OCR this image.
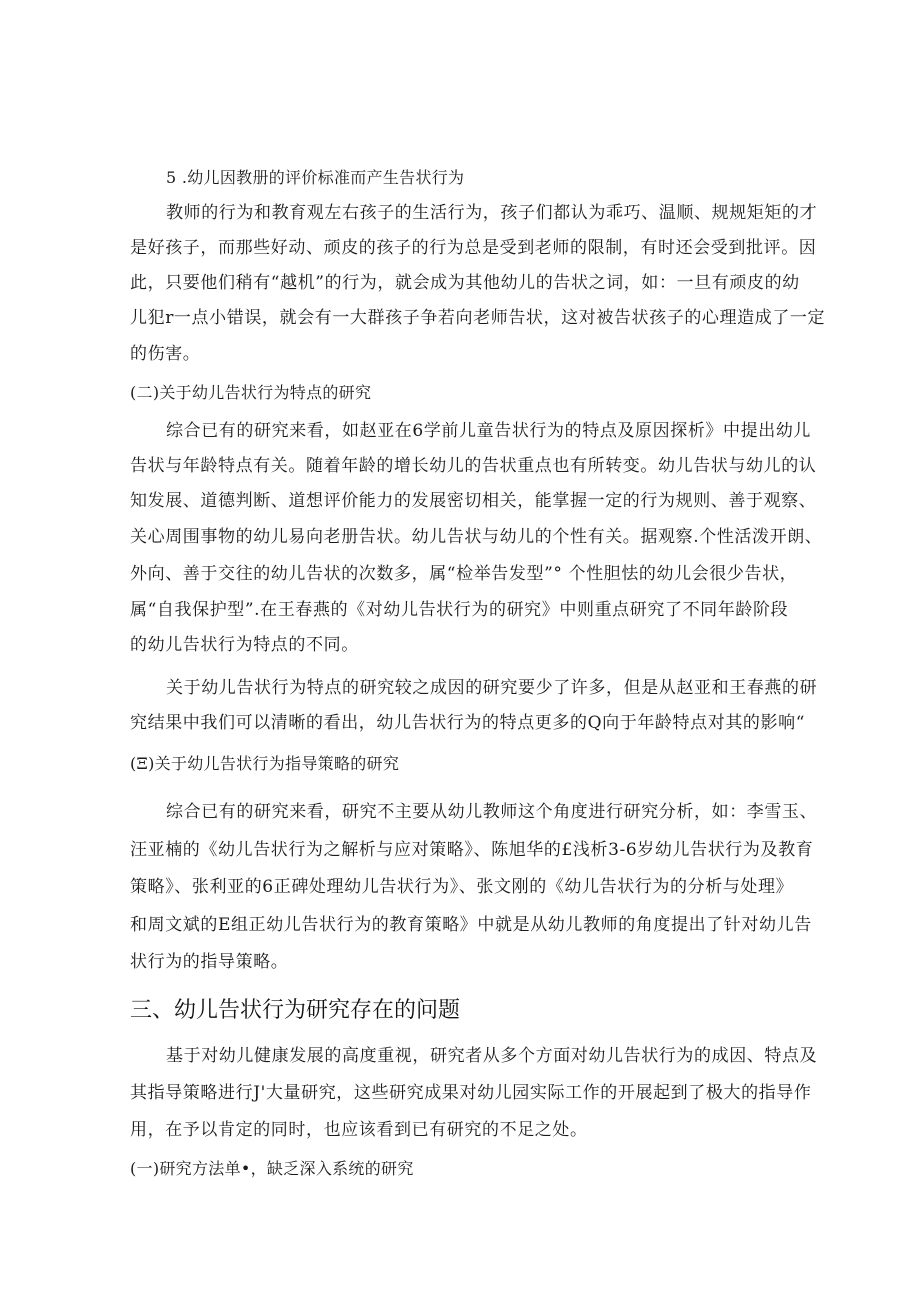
5 .幼儿因教册的评价标准而产生告状行为
教师的行为和教育观左右孩子的生活行为，孩子们都认为乖巧、温顺、规规矩矩的才
是好孩子，而那些好动、顽皮的孩子的行为总是受到老师的限制，有时还会受到批评。因
此，只要他们稍有“越机”的行为，就会成为其他幼儿的告状之词，如：一旦有顽皮的幼
儿犯r一点小错误，就会有一大群孩子争若向老师告状，这对被告状孩子的心理造成了一定
的伤害。
(二)关于幼儿告状行为特点的研究
综合已有的研究来看，如赵亚在6学前儿童告状行为的特点及原因探析》中提出幼儿
告状与年龄特点有关。随着年龄的增长幼儿的告状重点也有所转变。幼儿告状与幼儿的认
知发展、道德判断、道想评价能力的发展密切相关，能掌握一定的行为规则、善于观察、
关心周围事物的幼儿易向老册告状。幼儿告状与幼儿的个性有关。据观察.个性活泼开朗、
外向、善于交往的幼儿告状的次数多，属“检举告发型”° 个性胆怯的幼儿会很少告状，
属“自我保护型”.在王春燕的《对幼儿告状行为的研究》中则重点研究了不同年龄阶段
的幼儿告状行为特点的不同。
关于幼儿告状行为特点的研究较之成因的研究要少了许多，但是从赵亚和王春燕的研
究结果中我们可以清晰的看出，幼儿告状行为的特点更多的Q向于年龄特点对其的影响“
(Ξ)关于幼儿告状行为指导策略的研究
综合已有的研究来看，研究不主要从幼儿教师这个角度进行研究分析，如：李雪玉、
汪亚楠的《幼儿告状行为之解析与应对策略》、陈旭华的£浅析3-6岁幼儿告状行为及教育
策略》、张利亚的6正碑处理幼儿告状行为》、张文刚的《幼儿告状行为的分析与处理》
和周文斌的E组正幼儿告状行为的教育策略》中就是从幼儿教师的角度提出了针对幼儿告
状行为的指导策略。
三、幼儿告状行为研究存在的问题
基于对幼儿健康发展的高度重视，研究者从多个方面对幼儿告状行为的成因、特点及
其指导策略进行J'大量研究，这些研究成果对幼儿园实际工作的开展起到了极大的指导作
用，在予以肯定的同时，也应该看到已有研究的不足之处。
(一)研究方法单•，缺乏深入系统的研究
